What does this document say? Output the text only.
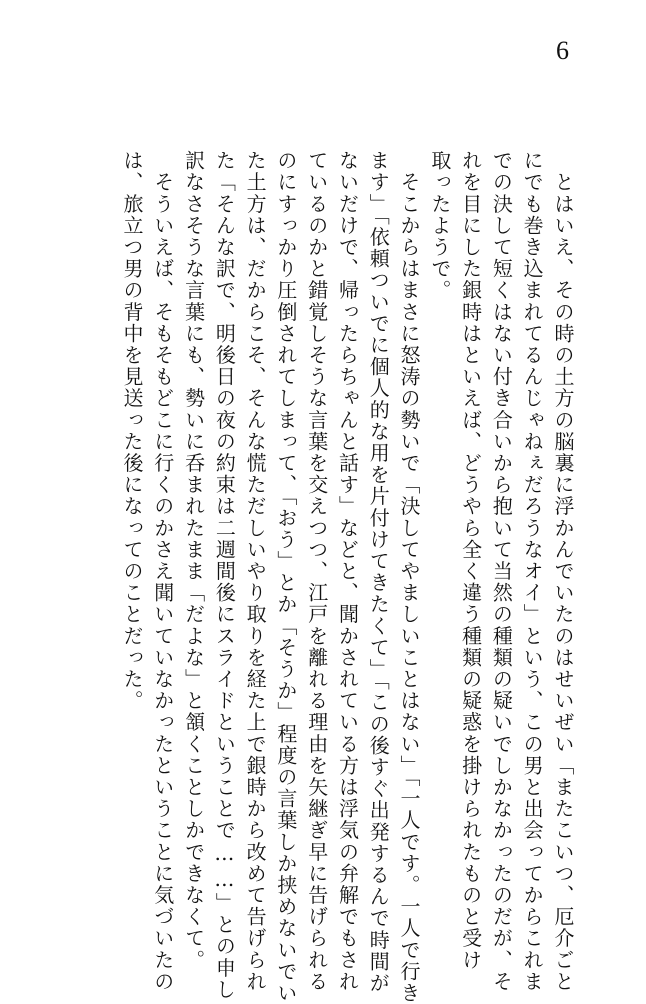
6
　とはいえ、その時の土方の脳裏に浮かんでいたのはせいぜい「またこいつ、厄介ごと
にでも巻き込まれてるんじゃねぇだろうなオイ」という、この男と出会ってからこれま
での決して短くはない付き合いから抱いて当然の種類の疑いでしかなかったのだが、そ
れを目にした銀時はといえば、どうやら全く違う種類の疑惑を掛けられたものと受け
取ったようで。
　そこからはまさに怒涛の勢いで「決してやましいことはない」「一人です。一人で行き
ます」「依頼ついでに個人的な用を片付けてきたくて」「この後すぐ出発するんで時間が
ないだけで、帰ったらちゃんと話す」などと、聞かされている方は浮気の弁解でもされ
ているのかと錯覚しそうな言葉を交えつつ、江戸を離れる理由を矢継ぎ早に告げられる
のにすっかり圧倒されてしまって、「おう」とか「そうか」程度の言葉しか挟めないでい
た土方は、だからこそ、そんな慌ただしいやり取りを経た上で銀時から改めて告げられ
た「そんな訳で、明後日の夜の約束は二週間後にスライドということで……」との申し
訳なさそうな言葉にも、勢いに呑まれたまま「だよな」と頷くことしかできなくて。
　そういえば、そもそもどこに行くのかさえ聞いていなかったということに気づいたの
は、旅立つ男の背中を見送った後になってのことだった。
